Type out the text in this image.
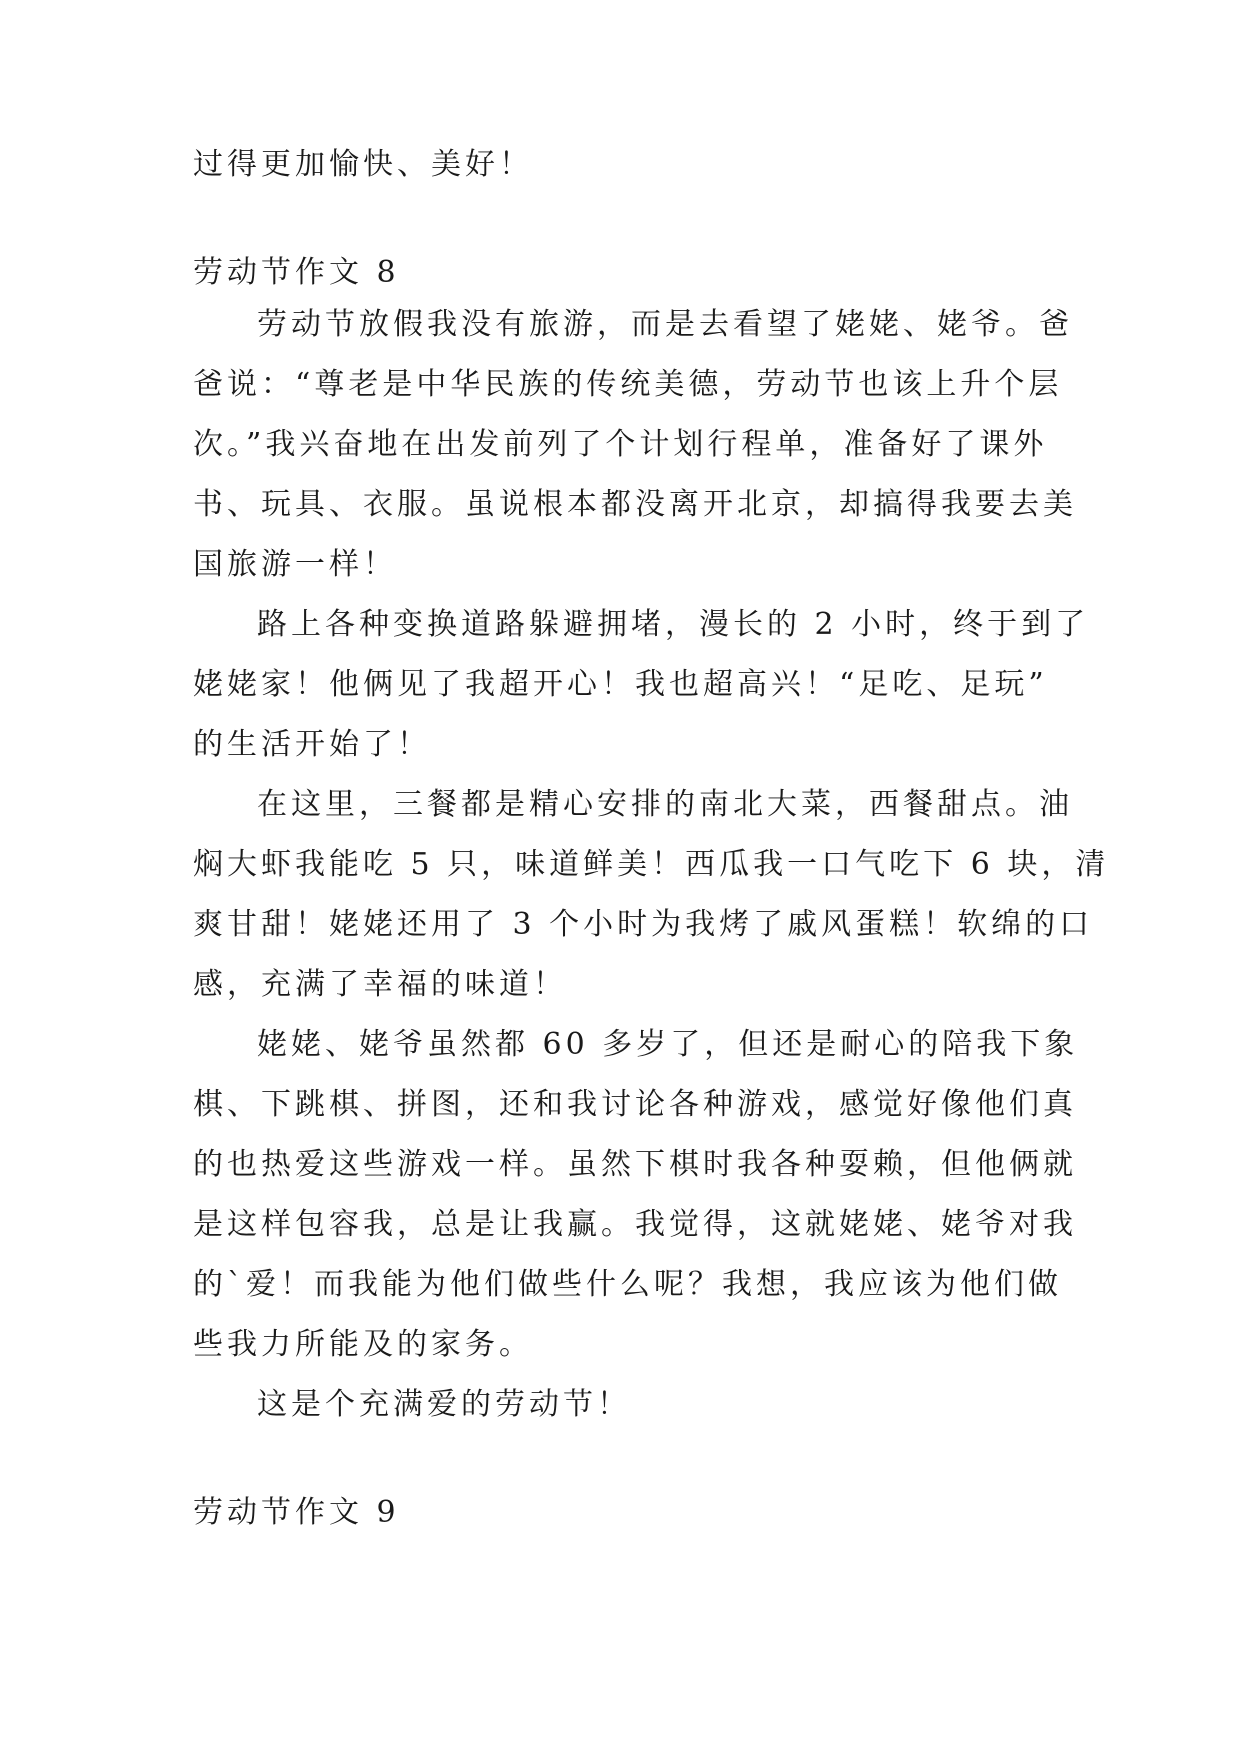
过得更加愉快、美好！
劳动节作文 8
劳动节放假我没有旅游，而是去看望了姥姥、姥爷。爸
爸说：“尊老是中华民族的传统美德，劳动节也该上升个层
次。”我兴奋地在出发前列了个计划行程单，准备好了课外
书、玩具、衣服。虽说根本都没离开北京，却搞得我要去美
国旅游一样！
路上各种变换道路躲避拥堵，漫长的 2 小时，终于到了
姥姥家！他俩见了我超开心！我也超高兴！“足吃、足玩”
的生活开始了！
在这里，三餐都是精心安排的南北大菜，西餐甜点。油
焖大虾我能吃 5 只，味道鲜美！西瓜我一口气吃下 6 块，清
爽甘甜！姥姥还用了 3 个小时为我烤了戚风蛋糕！软绵的口
感，充满了幸福的味道！
姥姥、姥爷虽然都 60 多岁了，但还是耐心的陪我下象
棋、下跳棋、拼图，还和我讨论各种游戏，感觉好像他们真
的也热爱这些游戏一样。虽然下棋时我各种耍赖，但他俩就
是这样包容我，总是让我赢。我觉得，这就姥姥、姥爷对我
的`爱！而我能为他们做些什么呢？我想，我应该为他们做
些我力所能及的家务。
这是个充满爱的劳动节！
劳动节作文 9
